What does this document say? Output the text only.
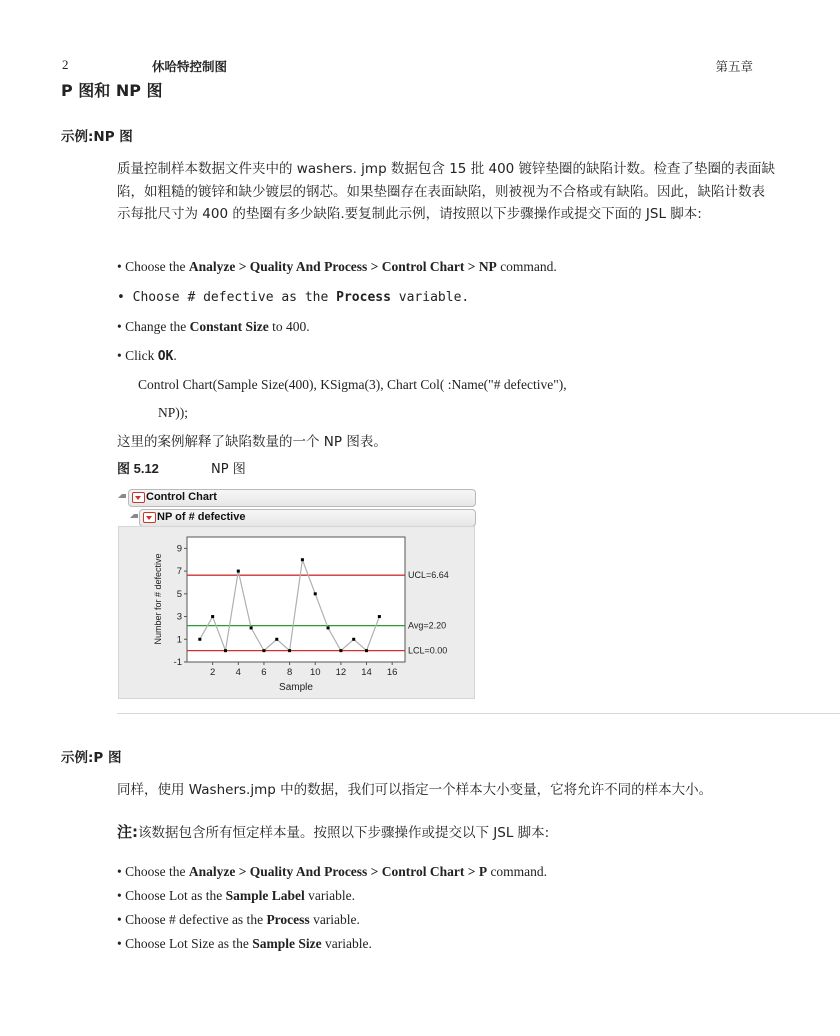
2	休哈特控制图	第五章
P 图和 NP 图
示例:NP 图
质量控制样本数据文件夹中的 washers. jmp 数据包含 15 批 400 镀锌垫圈的缺陷计数。检查了垫圈的表面缺陷，如粗糙的镀锌和缺少镀层的钢芯。如果垫圈存在表面缺陷，则被视为不合格或有缺陷。因此，缺陷计数表示每批尺寸为 400 的垫圈有多少缺陷.要复制此示例，请按照以下步骤操作或提交下面的 JSL 脚本:
• Choose the Analyze > Quality And Process > Control Chart > NP command.
• Choose # defective as the Process variable.
• Change the Constant Size to 400.
• Click OK.
Control Chart(Sample Size(400), KSigma(3), Chart Col( :Name("# defective"),
NP));
这里的案例解释了缺陷数量的一个 NP 图表。
图 5.12	NP 图
Control Chart
NP of # defective
2 4 6 8 10 12 14 16
-1
1
3
5
7
9
UCL=6.64
Avg=2.20
LCL=0.00
Number for # defective
Sample
示例:P 图
同样，使用 Washers.jmp 中的数据，我们可以指定一个样本大小变量，它将允许不同的样本大小。
注:该数据包含所有恒定样本量。按照以下步骤操作或提交以下 JSL 脚本:
• Choose the Analyze > Quality And Process > Control Chart > P command.
• Choose Lot as the Sample Label variable.
• Choose # defective as the Process variable.
• Choose Lot Size as the Sample Size variable.
